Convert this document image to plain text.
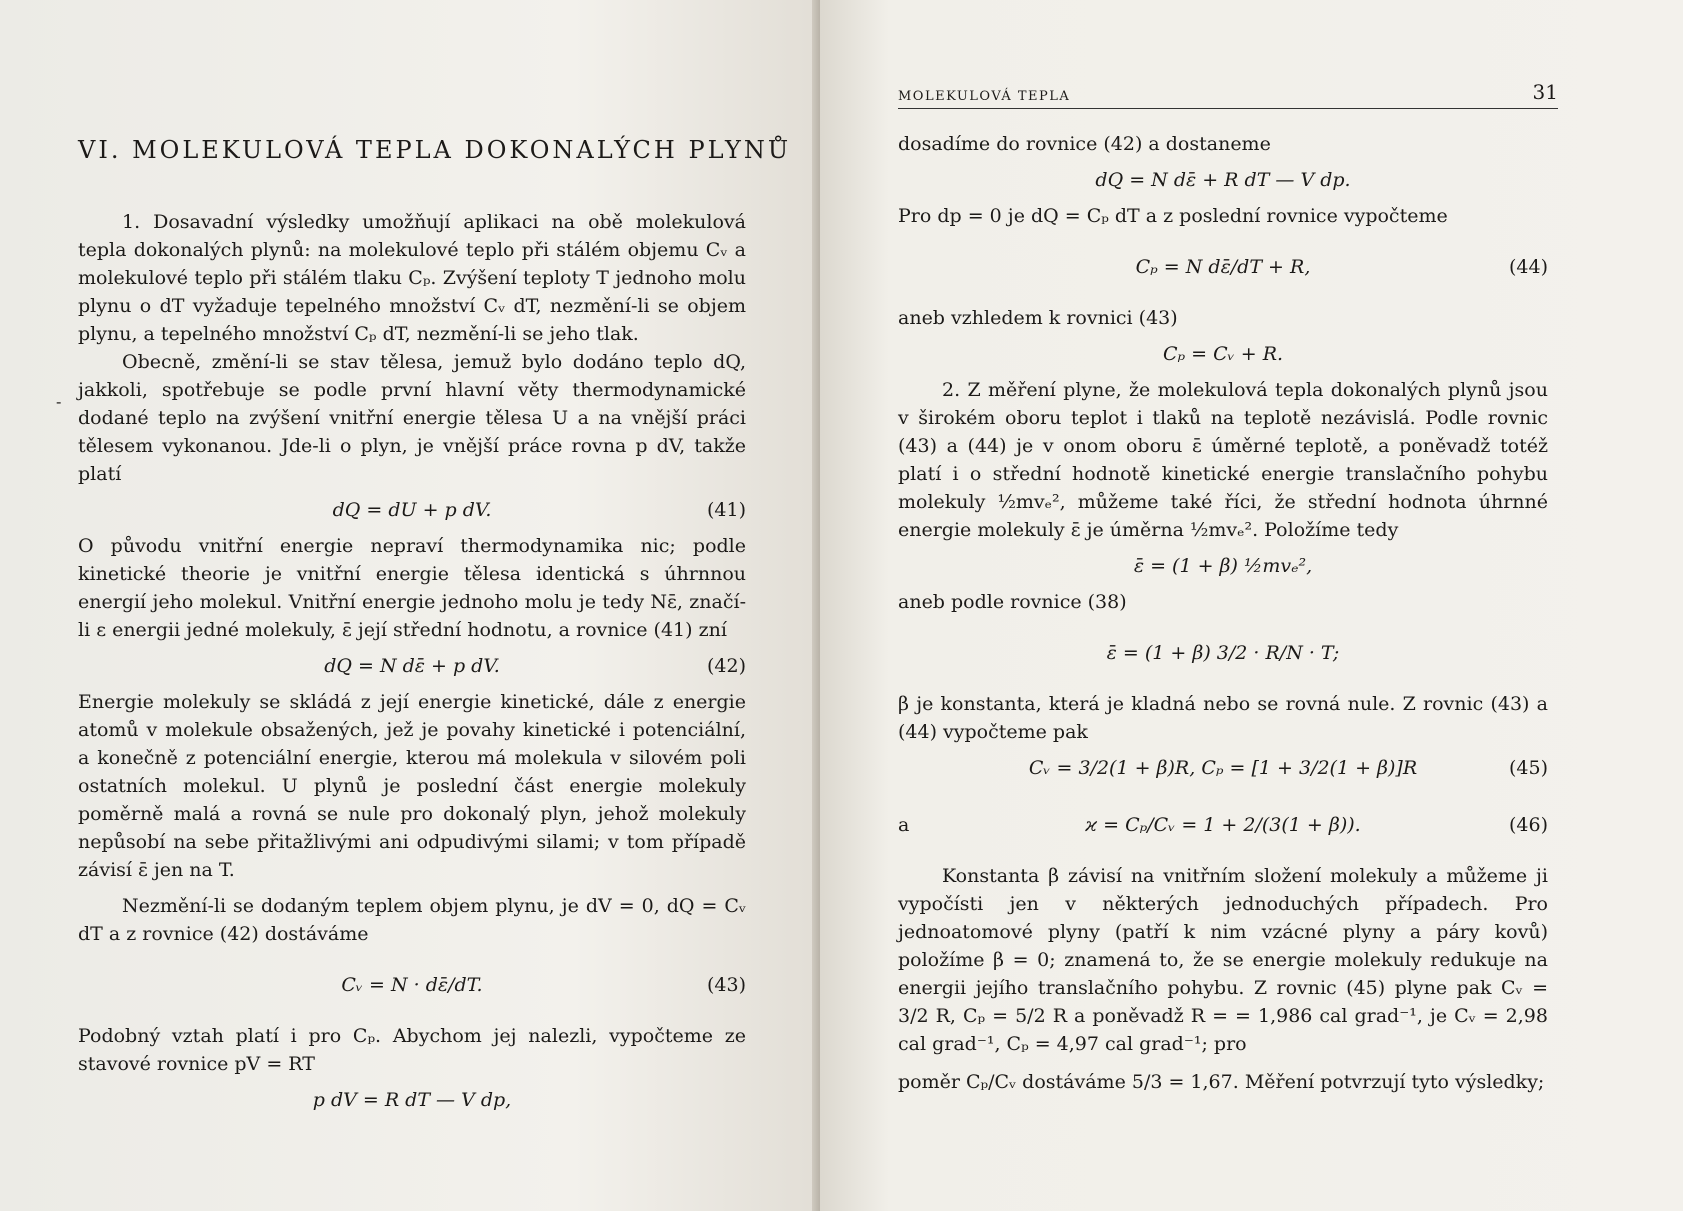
-
VI. MOLEKULOVÁ TEPLA DOKONALÝCH PLYNŮ

1. Dosavadní výsledky umožňují aplikaci na obě molekulová tepla dokonalých plynů: na molekulové teplo při stálém objemu Cᵥ a molekulové teplo při stálém tlaku Cₚ. Zvýšení teploty T jednoho molu plynu o dT vyžaduje tepelného množství Cᵥ dT, nezmění-li se objem plynu, a tepelného množství Cₚ dT, nezmění-li se jeho tlak.

Obecně, změní-li se stav tělesa, jemuž bylo dodáno teplo dQ, jakkoli, spotřebuje se podle první hlavní věty thermodynamické dodané teplo na zvýšení vnitřní energie tělesa U a na vnější práci tělesem vykonanou. Jde-li o plyn, je vnější práce rovna p dV, takže platí

dQ = dU + p dV.	(41)

O původu vnitřní energie nepraví thermodynamika nic; podle kinetické theorie je vnitřní energie tělesa identická s úhrnnou energií jeho molekul. Vnitřní energie jednoho molu je tedy Nε̄, značí-li ε energii jedné molekuly, ε̄ její střední hodnotu, a rovnice (41) zní

dQ = N dε̄ + p dV.	(42)

Energie molekuly se skládá z její energie kinetické, dále z energie atomů v molekule obsažených, jež je povahy kinetické i potenciální, a konečně z potenciální energie, kterou má molekula v silovém poli ostatních molekul. U plynů je poslední část energie molekuly poměrně malá a rovná se nule pro dokonalý plyn, jehož molekuly nepůsobí na sebe přitažlivými ani odpudivými silami; v tom případě závisí ε̄ jen na T.

Nezmění-li se dodaným teplem objem plynu, je dV = 0, dQ = Cᵥ dT a z rovnice (42) dostáváme

Cᵥ = N · dε̄/dT.	(43)

Podobný vztah platí i pro Cₚ. Abychom jej nalezli, vypočteme ze stavové rovnice pV = RT

p dV = R dT — V dp,
MOLEKULOVÁ TEPLA	31

dosadíme do rovnice (42) a dostaneme

dQ = N dε̄ + R dT — V dp.

Pro dp = 0 je dQ = Cₚ dT a z poslední rovnice vypočteme

Cₚ = N dε̄/dT + R,	(44)

aneb vzhledem k rovnici (43)

Cₚ = Cᵥ + R.

2. Z měření plyne, že molekulová tepla dokonalých plynů jsou v širokém oboru teplot i tlaků na teplotě nezávislá. Podle rovnic (43) a (44) je v onom oboru ε̄ úměrné teplotě, a poněvadž totéž platí i o střední hodnotě kinetické energie translačního pohybu molekuly ½mvₑ², můžeme také říci, že střední hodnota úhrnné energie molekuly ε̄ je úměrna ½mvₑ². Položíme tedy

ε̄ = (1 + β) ½mvₑ²,

aneb podle rovnice (38)

ε̄ = (1 + β) 3/2 · R/N · T;

β je konstanta, která je kladná nebo se rovná nule. Z rovnic (43) a (44) vypočteme pak

Cᵥ = 3/2(1 + β)R, Cₚ = [1 + 3/2(1 + β)]R	(45)
a	ϰ = Cₚ/Cᵥ = 1 + 2/(3(1 + β)).	(46)

Konstanta β závisí na vnitřním složení molekuly a můžeme ji vypočísti jen v některých jednoduchých případech. Pro jednoatomové plyny (patří k nim vzácné plyny a páry kovů) položíme β = 0; znamená to, že se energie molekuly redukuje na energii jejího translačního pohybu. Z rovnic (45) plyne pak Cᵥ = 3/2 R, Cₚ = 5/2 R a poněvadž R = = 1,986 cal grad⁻¹, je Cᵥ = 2,98 cal grad⁻¹, Cₚ = 4,97 cal grad⁻¹; pro

poměr Cₚ/Cᵥ dostáváme 5/3 = 1,67. Měření potvrzují tyto výsledky;
